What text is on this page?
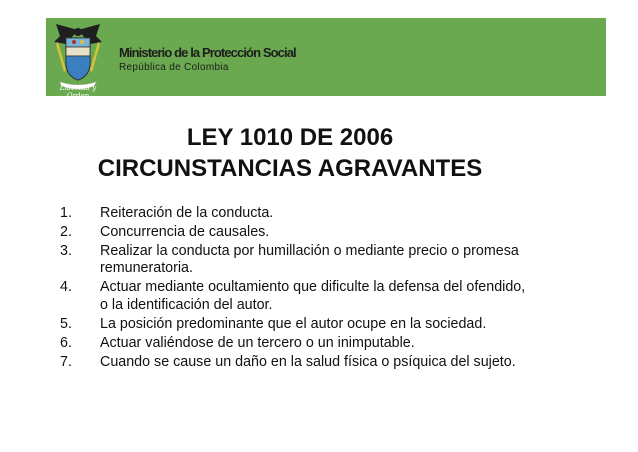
Libertad y Orden
Ministerio de la Protección Social
República de Colombia
LEY 1010 DE 2006
CIRCUNSTANCIAS AGRAVANTES
1. Reiteración de la conducta.
2. Concurrencia de causales.
3. Realizar la conducta por humillación o mediante precio o promesa remuneratoria.
4. Actuar mediante ocultamiento que dificulte la defensa del ofendido, o la identificación del autor.
5. La posición predominante que el autor ocupe en la sociedad.
6. Actuar valiéndose de un tercero o un inimputable.
7. Cuando se cause un daño en la salud física o psíquica del sujeto.
